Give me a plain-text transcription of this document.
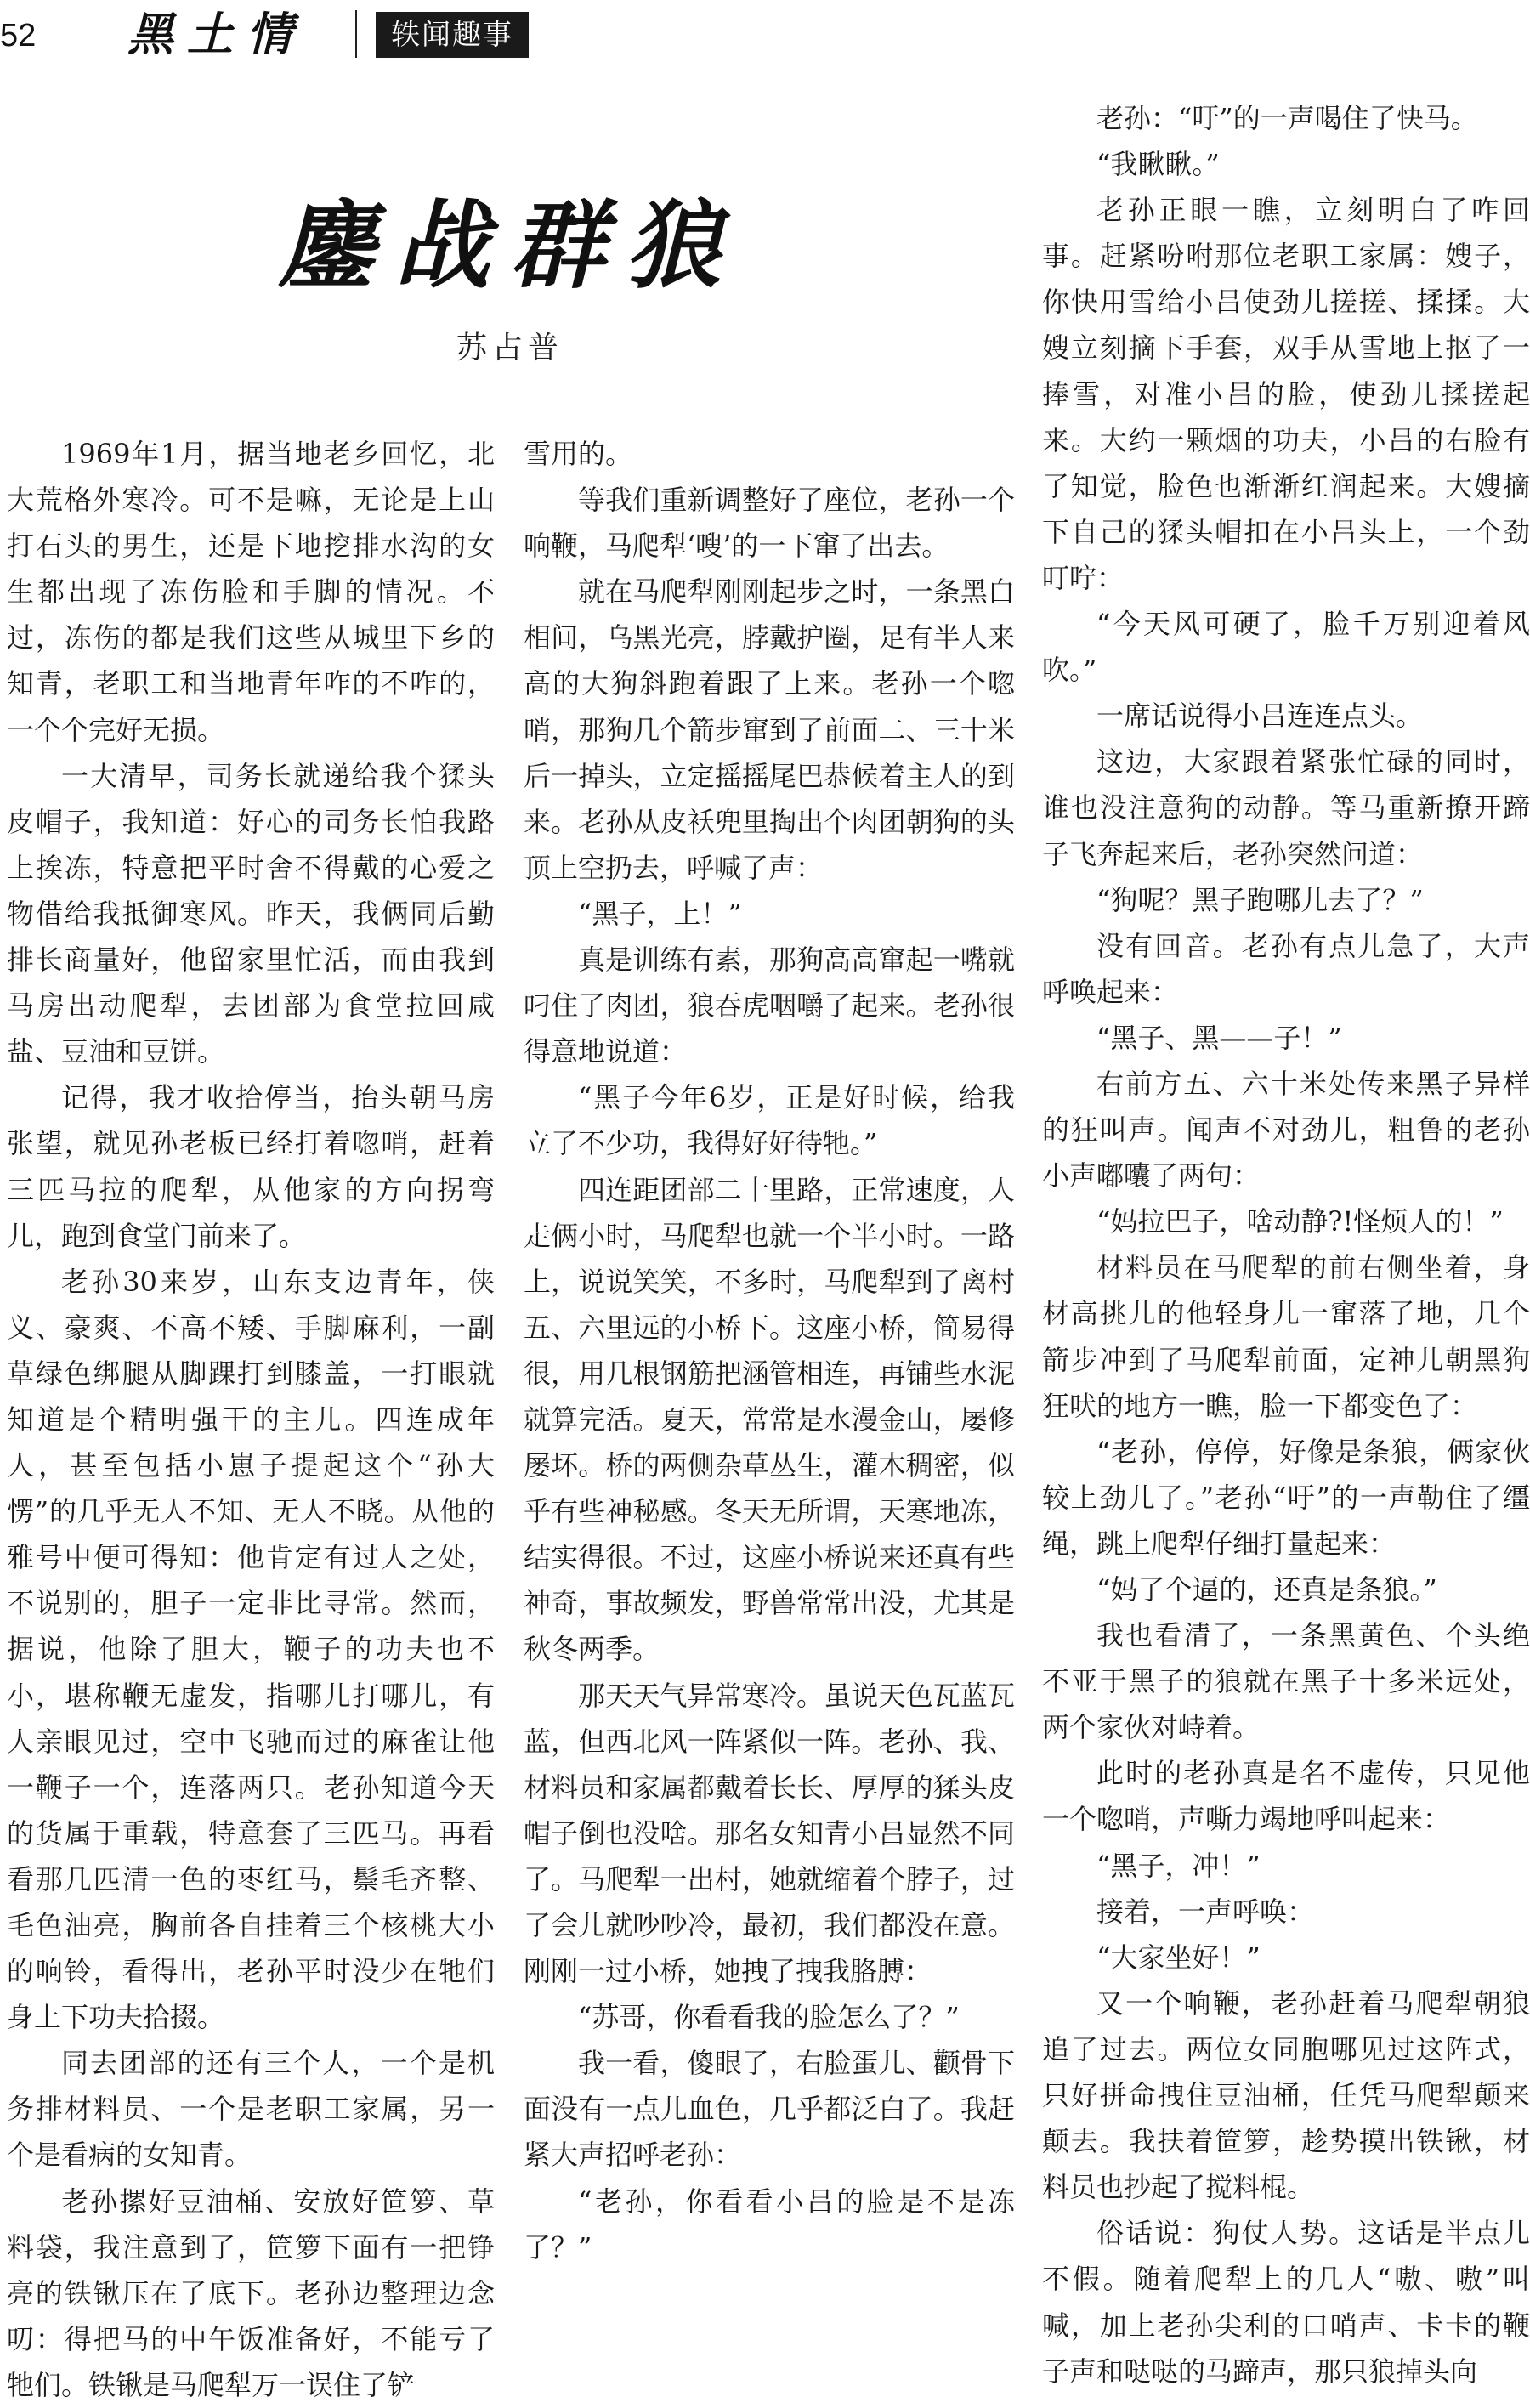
52 黑土情	轶闻趣事
鏖战群狼
苏占普

1969年1月，据当地老乡回忆，北大荒格外寒冷。可不是嘛，无论是上山打石头的男生，还是下地挖排水沟的女生都出现了冻伤脸和手脚的情况。不过，冻伤的都是我们这些从城里下乡的知青，老职工和当地青年咋的不咋的，一个个完好无损。

一大清早，司务长就递给我个猱头皮帽子，我知道：好心的司务长怕我路上挨冻，特意把平时舍不得戴的心爱之物借给我抵御寒风。昨天，我俩同后勤排长商量好，他留家里忙活，而由我到马房出动爬犁，去团部为食堂拉回咸盐、豆油和豆饼。

记得，我才收拾停当，抬头朝马房张望，就见孙老板已经打着唿哨，赶着三匹马拉的爬犁，从他家的方向拐弯儿，跑到食堂门前来了。

老孙30来岁，山东支边青年，侠义、豪爽、不高不矮、手脚麻利，一副草绿色绑腿从脚踝打到膝盖，一打眼就知道是个精明强干的主儿。四连成年人，甚至包括小崽子提起这个“孙大愣”的几乎无人不知、无人不晓。从他的雅号中便可得知：他肯定有过人之处，不说别的，胆子一定非比寻常。然而，据说，他除了胆大，鞭子的功夫也不小，堪称鞭无虚发，指哪儿打哪儿，有人亲眼见过，空中飞驰而过的麻雀让他一鞭子一个，连落两只。老孙知道今天的货属于重载，特意套了三匹马。再看看那几匹清一色的枣红马，鬃毛齐整、毛色油亮，胸前各自挂着三个核桃大小的响铃，看得出，老孙平时没少在牠们身上下功夫拾掇。

同去团部的还有三个人，一个是机务排材料员、一个是老职工家属，另一个是看病的女知青。

老孙摞好豆油桶、安放好笸箩、草料袋，我注意到了，笸箩下面有一把铮亮的铁锹压在了底下。老孙边整理边念叨：得把马的中午饭准备好，不能亏了牠们。铁锹是马爬犁万一误住了铲

雪用的。

等我们重新调整好了座位，老孙一个响鞭，马爬犁‘嗖’的一下窜了出去。

就在马爬犁刚刚起步之时，一条黑白相间，乌黑光亮，脖戴护圈，足有半人来高的大狗斜跑着跟了上来。老孙一个唿哨，那狗几个箭步窜到了前面二、三十米后一掉头，立定摇摇尾巴恭候着主人的到来。老孙从皮袄兜里掏出个肉团朝狗的头顶上空扔去，呼喊了声：

“黑子，上！”

真是训练有素，那狗高高窜起一嘴就叼住了肉团，狼吞虎咽嚼了起来。老孙很得意地说道：

“黑子今年6岁，正是好时候，给我立了不少功，我得好好待牠。”

四连距团部二十里路，正常速度，人走俩小时，马爬犁也就一个半小时。一路上，说说笑笑，不多时，马爬犁到了离村五、六里远的小桥下。这座小桥，简易得很，用几根钢筋把涵管相连，再铺些水泥就算完活。夏天，常常是水漫金山，屡修屡坏。桥的两侧杂草丛生，灌木稠密，似乎有些神秘感。冬天无所谓，天寒地冻，结实得很。不过，这座小桥说来还真有些神奇，事故频发，野兽常常出没，尤其是秋冬两季。

那天天气异常寒冷。虽说天色瓦蓝瓦蓝，但西北风一阵紧似一阵。老孙、我、材料员和家属都戴着长长、厚厚的猱头皮帽子倒也没啥。那名女知青小吕显然不同了。马爬犁一出村，她就缩着个脖子，过了会儿就吵吵冷，最初，我们都没在意。刚刚一过小桥，她拽了拽我胳膊：

“苏哥，你看看我的脸怎么了？”

我一看，傻眼了，右脸蛋儿、颧骨下面没有一点儿血色，几乎都泛白了。我赶紧大声招呼老孙：

“老孙，你看看小吕的脸是不是冻了？”

老孙：“吁”的一声喝住了快马。

“我瞅瞅。”

老孙正眼一瞧，立刻明白了咋回事。赶紧吩咐那位老职工家属：嫂子，你快用雪给小吕使劲儿搓搓、揉揉。大嫂立刻摘下手套，双手从雪地上抠了一捧雪，对准小吕的脸，使劲儿揉搓起来。大约一颗烟的功夫，小吕的右脸有了知觉，脸色也渐渐红润起来。大嫂摘下自己的猱头帽扣在小吕头上，一个劲叮咛：

“今天风可硬了，脸千万别迎着风吹。”

一席话说得小吕连连点头。

这边，大家跟着紧张忙碌的同时，谁也没注意狗的动静。等马重新撩开蹄子飞奔起来后，老孙突然问道：

“狗呢？黑子跑哪儿去了？”

没有回音。老孙有点儿急了，大声呼唤起来：

“黑子、黑——子！”

右前方五、六十米处传来黑子异样的狂叫声。闻声不对劲儿，粗鲁的老孙小声嘟囔了两句：

“妈拉巴子，啥动静?!怪烦人的！”

材料员在马爬犁的前右侧坐着，身材高挑儿的他轻身儿一窜落了地，几个箭步冲到了马爬犁前面，定神儿朝黑狗狂吠的地方一瞧，脸一下都变色了：

“老孙，停停，好像是条狼，俩家伙较上劲儿了。”老孙“吁”的一声勒住了缰绳，跳上爬犁仔细打量起来：

“妈了个逼的，还真是条狼。”

我也看清了，一条黑黄色、个头绝不亚于黑子的狼就在黑子十多米远处，两个家伙对峙着。

此时的老孙真是名不虚传，只见他一个唿哨，声嘶力竭地呼叫起来：

“黑子，冲！”

接着，一声呼唤：

“大家坐好！”

又一个响鞭，老孙赶着马爬犁朝狼追了过去。两位女同胞哪见过这阵式，只好拼命拽住豆油桶，任凭马爬犁颠来颠去。我扶着笸箩，趁势摸出铁锹，材料员也抄起了搅料棍。

俗话说：狗仗人势。这话是半点儿不假。随着爬犁上的几人“嗷、嗷”叫喊，加上老孙尖利的口哨声、卡卡的鞭子声和哒哒的马蹄声，那只狼掉头向
